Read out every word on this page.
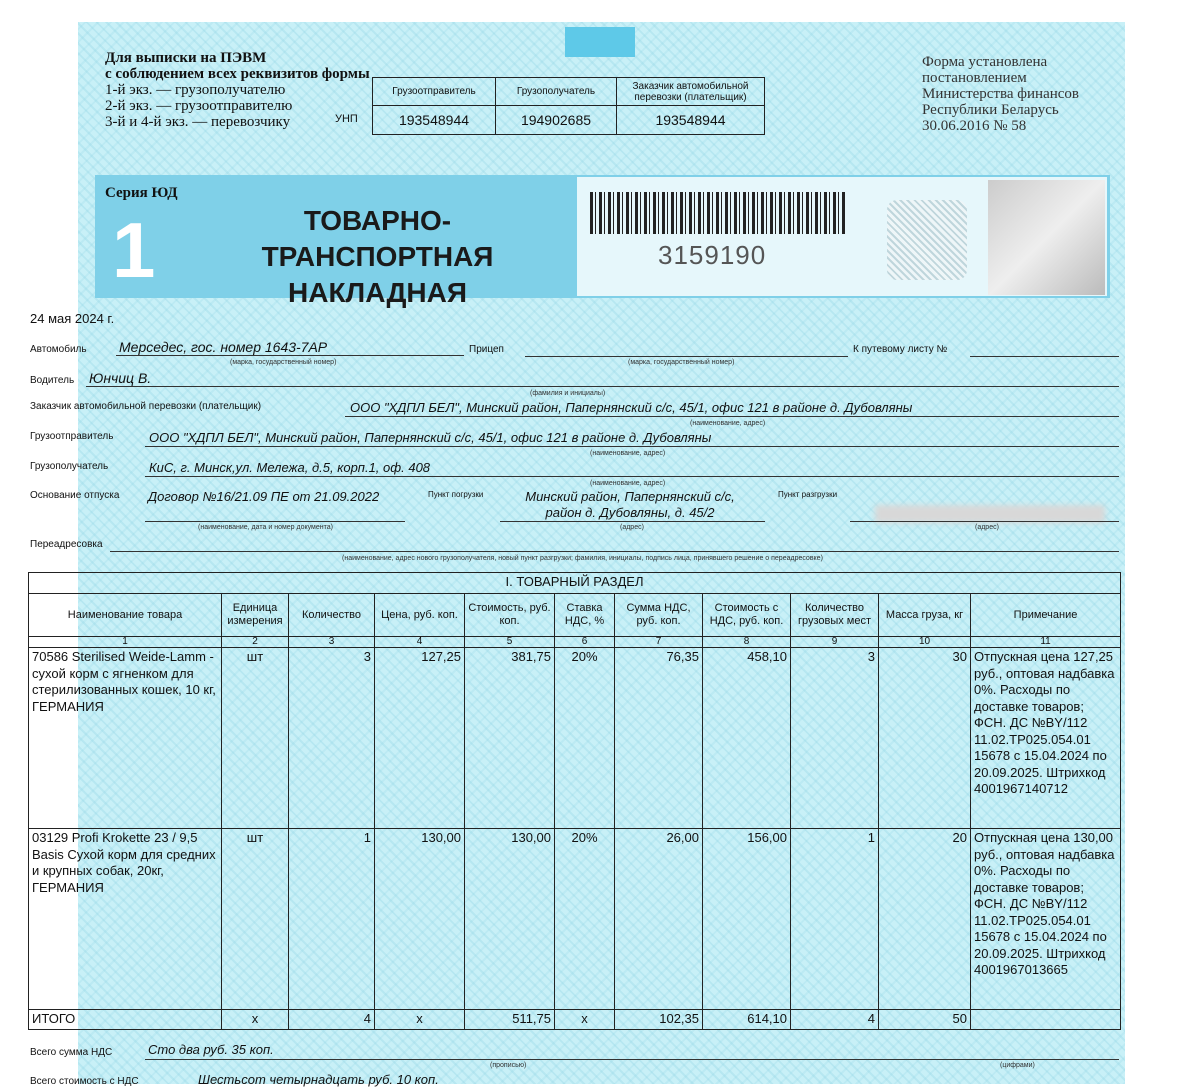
Для выписки на ПЭВМ
с соблюдением всех реквизитов формы
1-й экз. — грузополучателю
2-й экз. — грузоотправителю
3-й и 4-й экз. — перевозчику	УНП
Грузоотправитель	Грузополучатель	Заказчик автомобильной перевозки (плательщик)
193548944	194902685	193548944
Форма установлена
постановлением
Министерства финансов
Республики Беларусь
30.06.2016 № 58
Серия ЮД
1	ТОВАРНО-ТРАНСПОРТНАЯ
НАКЛАДНАЯ
3159190
24 мая 2024 г.
Автомобиль Мерседес, гос. номер 1643-7АР
(марка, государственный номер)
Прицеп
(марка, государственный номер)
К путевому листу №
Водитель Юнчиц В.
(фамилия и инициалы)
Заказчик автомобильной перевозки (плательщик)	ООО "ХДПЛ БЕЛ", Минский район, Папернянский с/с, 45/1, офис 121 в районе д. Дубовляны
(наименование, адрес)
Грузоотправитель	ООО "ХДПЛ БЕЛ", Минский район, Папернянский с/с, 45/1, офис 121 в районе д. Дубовляны
(наименование, адрес)
Грузополучатель	КиС, г. Минск,ул. Мележа, д.5, корп.1, оф. 408
(наименование, адрес)
Основание отпуска Договор №16/21.09 ПЕ от 21.09.2022
(наименование, дата и номер документа)
Пункт погрузки	Минский район, Папернянский с/с,
район д. Дубовляны, д. 45/2
(адрес)
Пункт разгрузки
(адрес)
Переадресовка
(наименование, адрес нового грузополучателя, новый пункт разгрузки; фамилия, инициалы, подпись лица, принявшего решение о переадресовке)
I. ТОВАРНЫЙ РАЗДЕЛ										
Наименование товара	Единица измерения	Количество	Цена, руб. коп.	Стоимость, руб. коп.	Ставка НДС, %	Сумма НДС, руб. коп.	Стоимость с НДС, руб. коп.	Количество грузовых мест	Масса груза, кг	Примечание
1	2	3	4	5	6	7	8	9	10	11
70586 Sterilised Weide-Lamm - сухой корм с ягненком для стерилизованных кошек, 10 кг, ГЕРМАНИЯ	шт	3	127,25	381,75	20%	76,35	458,10	3	30	Отпускная цена 127,25 руб., оптовая надбавка 0%. Расходы по доставке товаров; ФСН. ДС №BY/112 11.02.ТР025.054.01 15678 с 15.04.2024 по 20.09.2025. Штрихкод 4001967140712
03129 Profi Krokette 23 / 9,5 Basis Сухой корм для средних и крупных собак, 20кг, ГЕРМАНИЯ	шт	1	130,00	130,00	20%	26,00	156,00	1	20	Отпускная цена 130,00 руб., оптовая надбавка 0%. Расходы по доставке товаров; ФСН. ДС №BY/112 11.02.ТР025.054.01 15678 с 15.04.2024 по 20.09.2025. Штрихкод 4001967013665
ИТОГО	х	4	х	511,75	х	102,35	614,10	4	50	
Всего сумма НДС	Сто два руб. 35 коп.
(прописью)	(цифрами)
Всего стоимость с НДС	Шестьсот четырнадцать руб. 10 коп.
